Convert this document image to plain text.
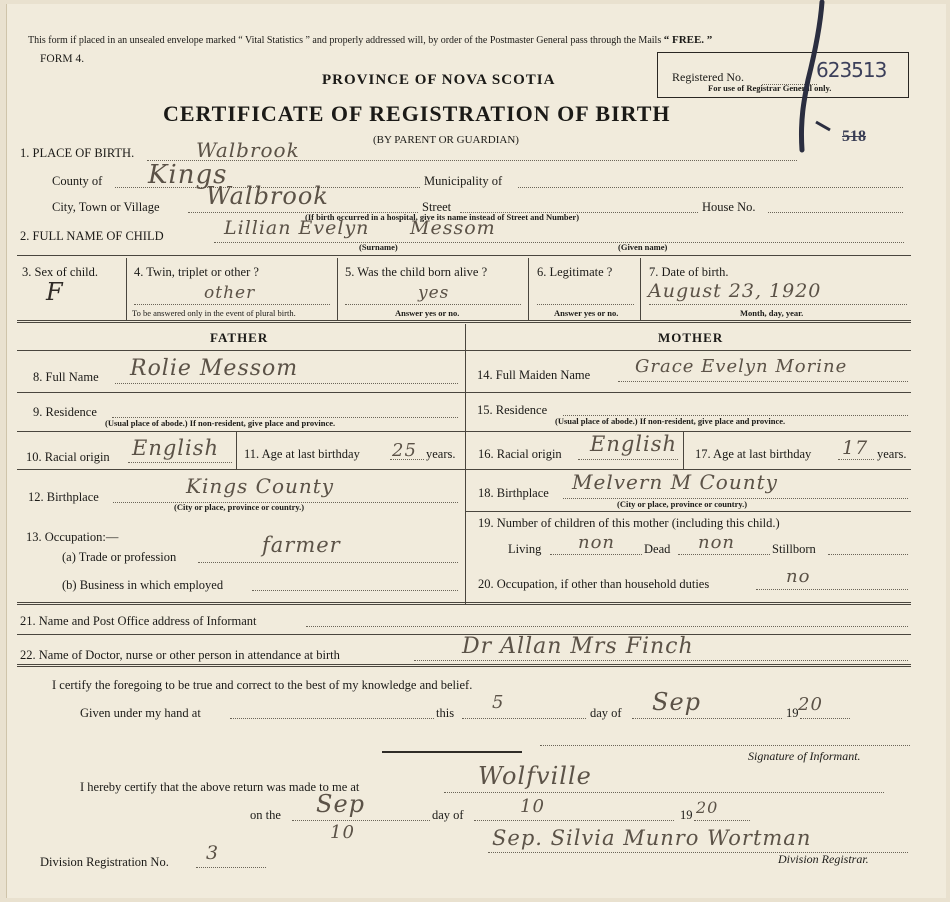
This form if placed in an unsealed envelope marked “ Vital Statistics ” and properly addressed will, by order of the Postmaster General pass through the Mails “ FREE. ”
FORM 4.
PROVINCE OF NOVA SCOTIA
CERTIFICATE OF REGISTRATION OF BIRTH
(BY PARENT OR GUARDIAN)
Registered No.	623513
For use of Registrar General only.
518
1. PLACE OF BIRTH.	Walbrook
County of Kings	Municipality of
City, Town or Village Walbrook	Street	House No.
(If birth occurred in a hospital, give its name instead of Street and Number)
2. FULL NAME OF CHILD	Lillian Evelyn Messom
(Surname)	(Given name)
3. Sex of child.
F
4. Twin, triplet or other ?
other
To be answered only in the event of plural birth.
5. Was the child born alive ?
yes
Answer yes or no.
6. Legitimate ?
Answer yes or no.
7. Date of birth.
August 23, 1920
Month, day, year.
FATHER	MOTHER
8. Full Name Rolie Messom	14. Full Maiden Name Grace Evelyn Morine
9. Residence
(Usual place of abode.) If non-resident, give place and province.
15. Residence
(Usual place of abode.) If non-resident, give place and province.
10. Racial origin English 11. Age at last birthday 25 years. 16. Racial origin English 17. Age at last birthday 17 years.
12. Birthplace	Kings County
(City or place, province or country.)
18. Birthplace Melvern M County
(City or place, province or country.)
13. Occupation:—
(a) Trade or profession	farmer
(b) Business in which employed
19. Number of children of this mother (including this child.)
Living non Dead non	Stillborn
20. Occupation, if other than household duties	no
21. Name and Post Office address of Informant
22. Name of Doctor, nurse or other person in attendance at birth	Dr Allan Mrs Finch
I certify the foregoing to be true and correct to the best of my knowledge and belief.
Given under my hand at	this 5	day of Sep	19 20
Signature of Informant.
I hereby certify that the above return was made to me at	Wolfville
on the Sep	day of	10	19 20
10	Sep. Silvia Munro Wortman
Division Registrar.
Division Registration No. 3
